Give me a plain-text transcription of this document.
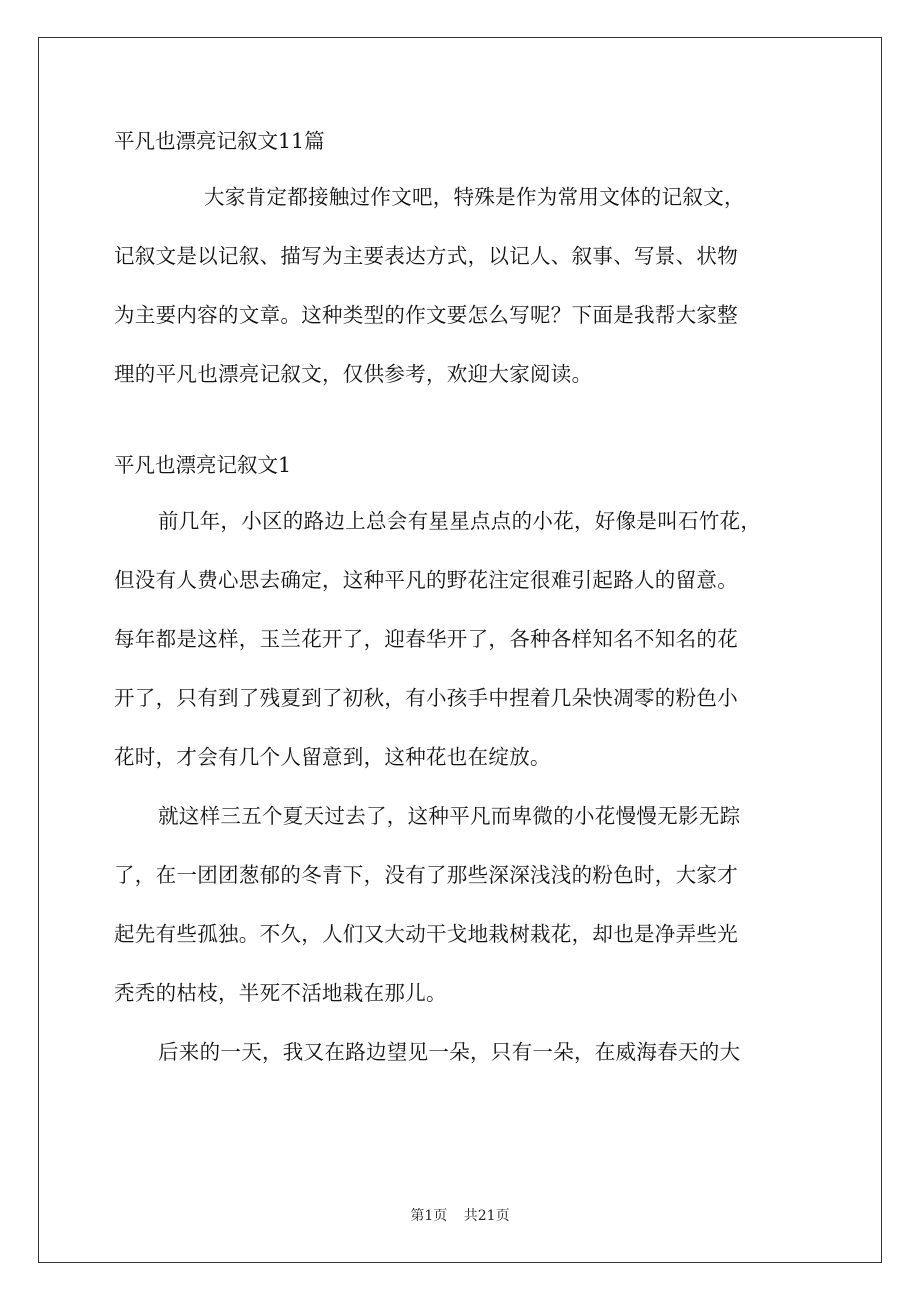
平凡也漂亮记叙文11篇
大家肯定都接触过作文吧，特殊是作为常用文体的记叙文，
记叙文是以记叙、描写为主要表达方式，以记人、叙事、写景、状物
为主要内容的文章。这种类型的作文要怎么写呢？下面是我帮大家整
理的平凡也漂亮记叙文，仅供参考，欢迎大家阅读。
平凡也漂亮记叙文1
前几年，小区的路边上总会有星星点点的小花，好像是叫石竹花，
但没有人费心思去确定，这种平凡的野花注定很难引起路人的留意。
每年都是这样，玉兰花开了，迎春华开了，各种各样知名不知名的花
开了，只有到了残夏到了初秋，有小孩手中捏着几朵快凋零的粉色小
花时，才会有几个人留意到，这种花也在绽放。
就这样三五个夏天过去了，这种平凡而卑微的小花慢慢无影无踪
了，在一团团葱郁的冬青下，没有了那些深深浅浅的粉色时，大家才
起先有些孤独。不久，人们又大动干戈地栽树栽花，却也是净弄些光
秃秃的枯枝，半死不活地栽在那儿。
后来的一天，我又在路边望见一朵，只有一朵，在威海春天的大
第1页 共21页
